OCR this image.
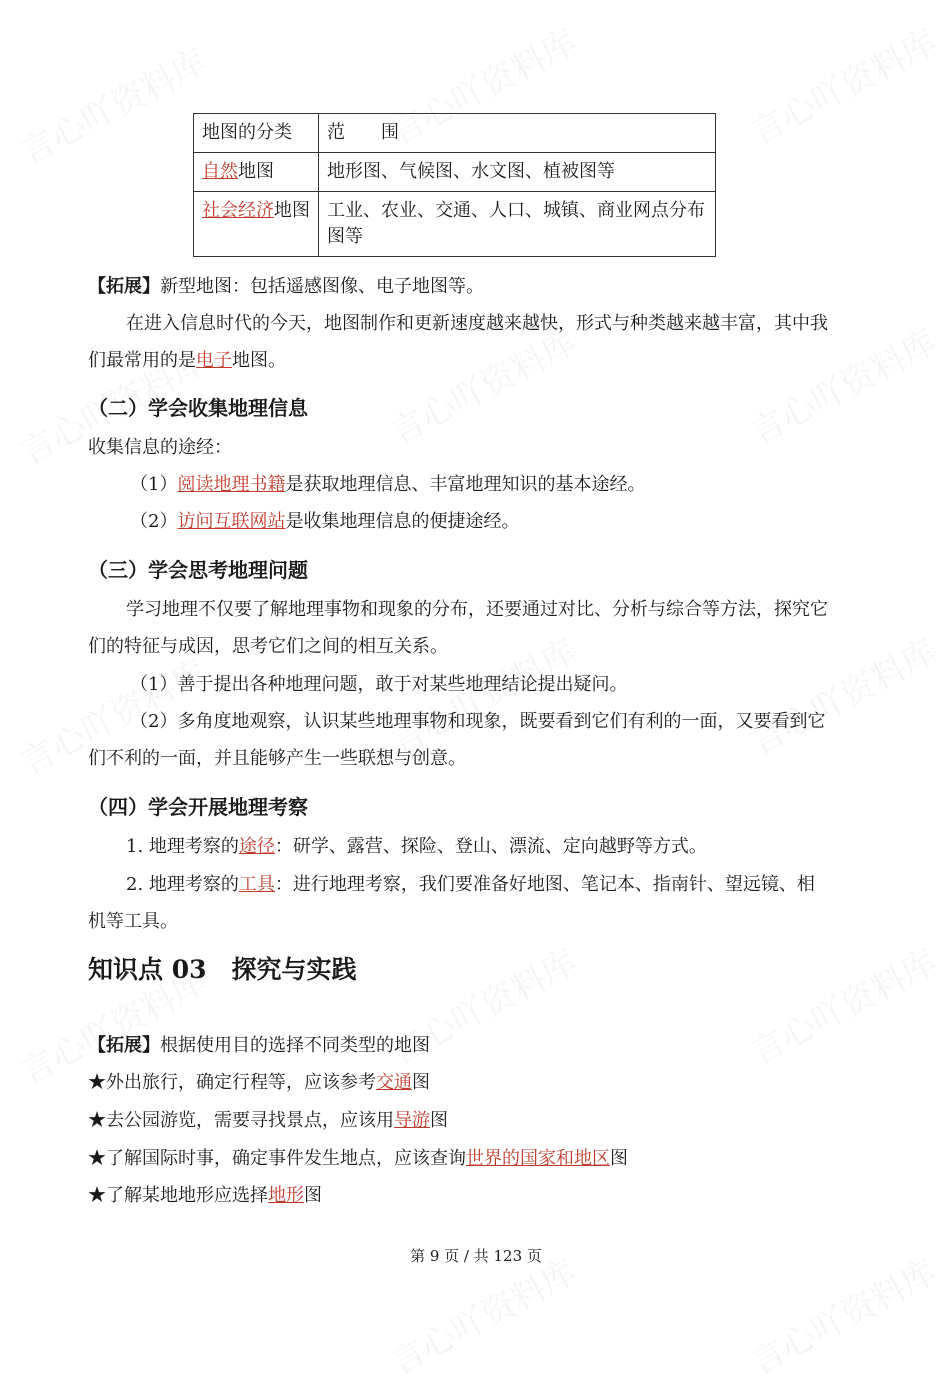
地图的分类	范　　围
自然地图	地形图、气候图、水文图、植被图等
社会经济地图	工业、农业、交通、人口、城镇、商业网点分布图等
【拓展】新型地图：包括遥感图像、电子地图等。
在进入信息时代的今天，地图制作和更新速度越来越快，形式与种类越来越丰富，其中我
们最常用的是电子地图。
（二）学会收集地理信息
收集信息的途经：
（1）阅读地理书籍是获取地理信息、丰富地理知识的基本途经。
（2）访问互联网站是收集地理信息的便捷途经。
（三）学会思考地理问题
学习地理不仅要了解地理事物和现象的分布，还要通过对比、分析与综合等方法，探究它
们的特征与成因，思考它们之间的相互关系。
（1）善于提出各种地理问题，敢于对某些地理结论提出疑问。
（2）多角度地观察，认识某些地理事物和现象，既要看到它们有利的一面，又要看到它
们不利的一面，并且能够产生一些联想与创意。
（四）学会开展地理考察
1. 地理考察的途径：研学、露营、探险、登山、漂流、定向越野等方式。
2. 地理考察的工具：进行地理考察，我们要准备好地图、笔记本、指南针、望远镜、相
机等工具。
知识点 03　探究与实践
【拓展】根据使用目的选择不同类型的地图
★外出旅行，确定行程等，应该参考交通图
★去公园游览，需要寻找景点，应该用导游图
★了解国际时事，确定事件发生地点，应该查询世界的国家和地区图
★了解某地地形应选择地形图
第 9 页 / 共 123 页
